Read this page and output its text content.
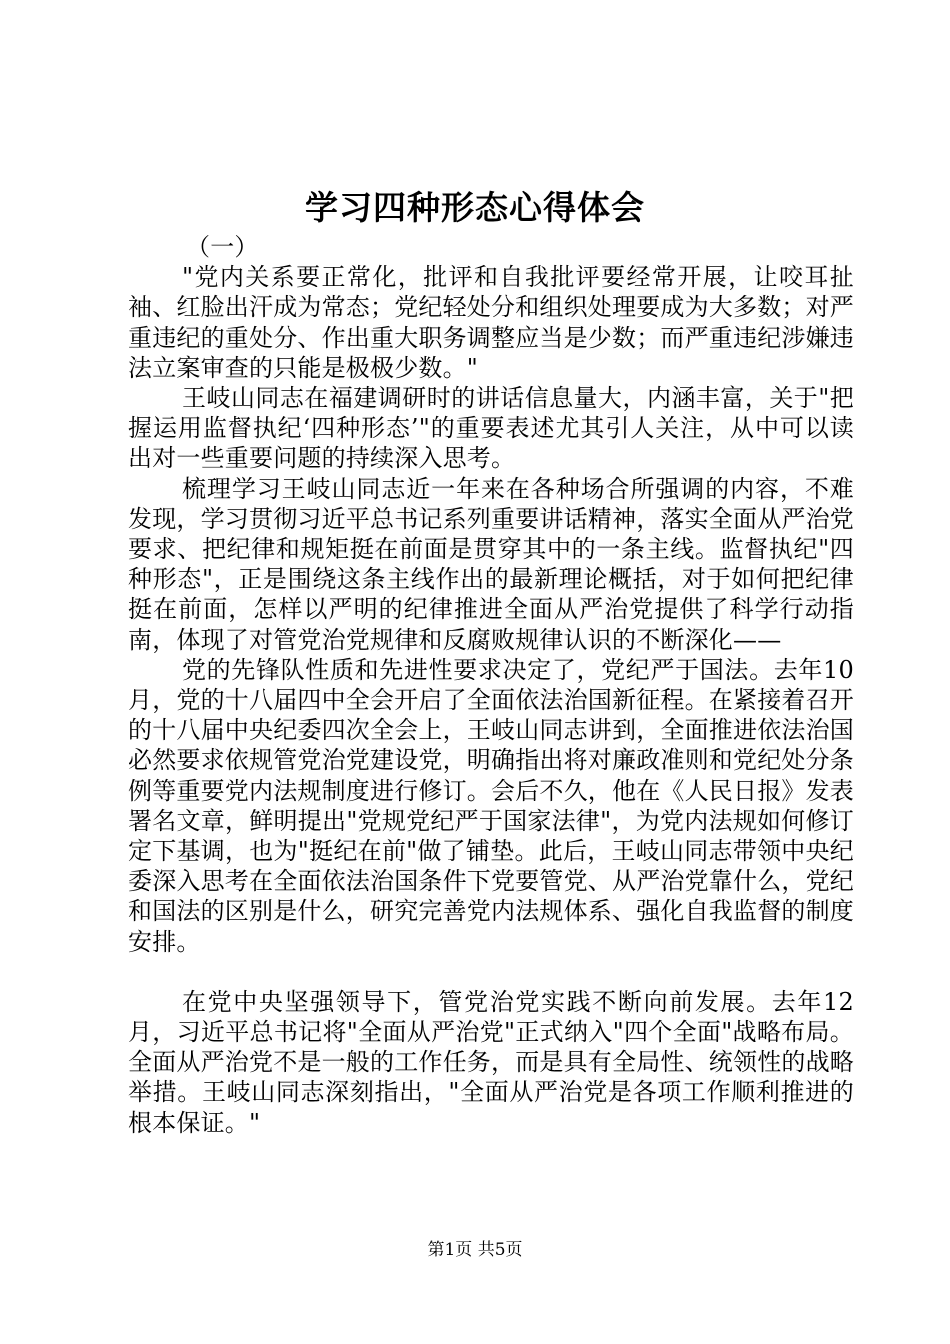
学习四种形态心得体会

（一）

"党内关系要正常化，批评和自我批评要经常开展，让咬耳扯袖、红脸出汗成为常态；党纪轻处分和组织处理要成为大多数；对严重违纪的重处分、作出重大职务调整应当是少数；而严重违纪涉嫌违法立案审查的只能是极极少数。"

王岐山同志在福建调研时的讲话信息量大，内涵丰富，关于"把握运用监督执纪‘四种形态’"的重要表述尤其引人关注，从中可以读出对一些重要问题的持续深入思考。

梳理学习王岐山同志近一年来在各种场合所强调的内容，不难发现，学习贯彻习近平总书记系列重要讲话精神，落实全面从严治党要求、把纪律和规矩挺在前面是贯穿其中的一条主线。监督执纪"四种形态"，正是围绕这条主线作出的最新理论概括，对于如何把纪律挺在前面，怎样以严明的纪律推进全面从严治党提供了科学行动指南，体现了对管党治党规律和反腐败规律认识的不断深化——

党的先锋队性质和先进性要求决定了，党纪严于国法。去年10月，党的十八届四中全会开启了全面依法治国新征程。在紧接着召开的十八届中央纪委四次全会上，王岐山同志讲到，全面推进依法治国必然要求依规管党治党建设党，明确指出将对廉政准则和党纪处分条例等重要党内法规制度进行修订。会后不久，他在《人民日报》发表署名文章，鲜明提出"党规党纪严于国家法律"，为党内法规如何修订定下基调，也为"挺纪在前"做了铺垫。此后，王岐山同志带领中央纪委深入思考在全面依法治国条件下党要管党、从严治党靠什么，党纪和国法的区别是什么，研究完善党内法规体系、强化自我监督的制度安排。

在党中央坚强领导下，管党治党实践不断向前发展。去年12月，习近平总书记将"全面从严治党"正式纳入"四个全面"战略布局。全面从严治党不是一般的工作任务，而是具有全局性、统领性的战略举措。王岐山同志深刻指出，"全面从严治党是各项工作顺利推进的根本保证。"

第1页 共5页
